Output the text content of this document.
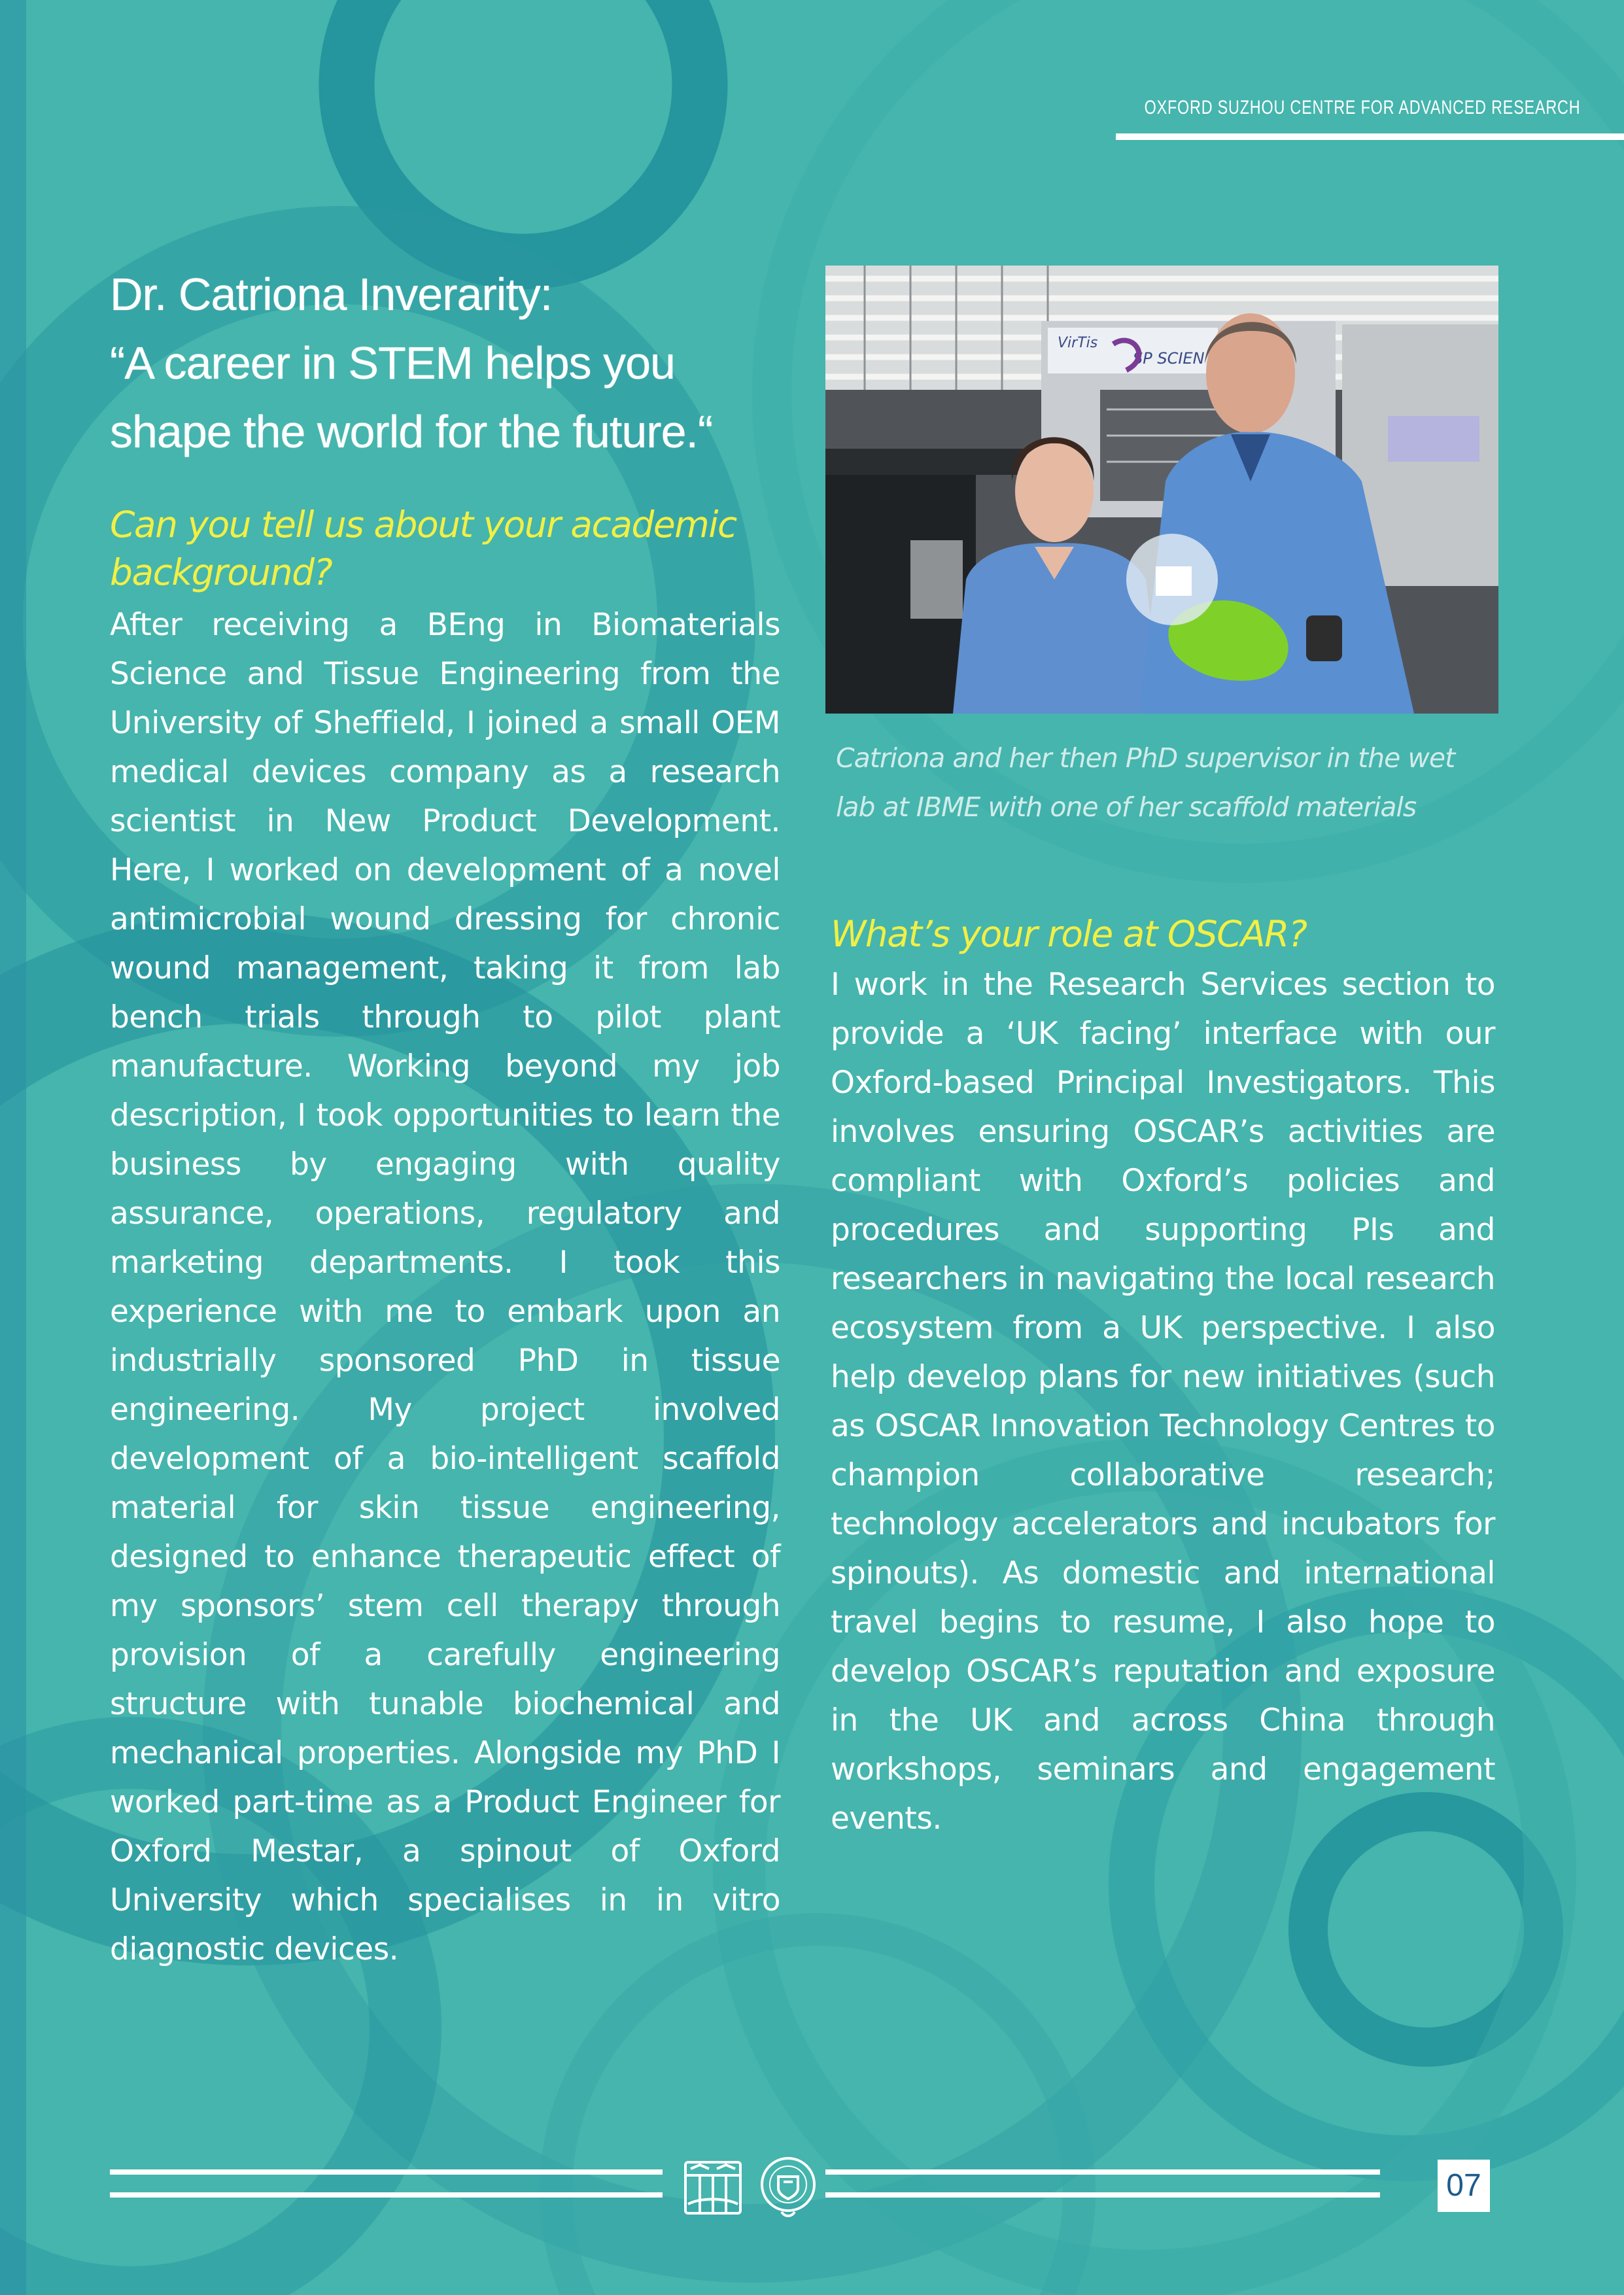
OXFORD SUZHOU CENTRE FOR ADVANCED RESEARCH
Dr. Catriona Inverarity:
“A career in STEM helps you
shape the world for the future.“
Can you tell us about your academic background?

After receiving a BEng in Biomaterials Science and Tissue Engineering from the University of Sheffield, I joined a small OEM medical devices company as a research scientist in New Product Development. Here, I worked on development of a novel antimicrobial wound dressing for chronic wound management, taking it from lab bench trials through to pilot plant manufacture. Working beyond my job description, I took opportunities to learn the business by engaging with quality assurance, operations, regulatory and marketing departments. I took this experience with me to embark upon an industrially sponsored PhD in tissue engineering. My project involved development of a bio-intelligent scaffold material for skin tissue engineering, designed to enhance therapeutic effect of my sponsors’ stem cell therapy through provision of a carefully engineering structure with tunable biochemical and mechanical properties. Alongside my PhD I worked part-time as a Product Engineer for Oxford Mestar, a spinout of Oxford University which specialises in in vitro diagnostic devices.

VirTis
SP SCIEN

Catriona and her then PhD supervisor in the wet lab at IBME with one of her scaffold materials

What’s your role at OSCAR?

I work in the Research Services section to provide a ‘UK facing’ interface with our Oxford-based Principal Investigators. This involves ensuring OSCAR’s activities are compliant with Oxford’s policies and procedures and supporting PIs and researchers in navigating the local research ecosystem from a UK perspective. I also help develop plans for new initiatives (such as OSCAR Innovation Technology Centres to champion collaborative research; technology accelerators and incubators for spinouts). As domestic and international travel begins to resume, I also hope to develop OSCAR’s reputation and exposure in the UK and across China through workshops, seminars and engagement events.

07
